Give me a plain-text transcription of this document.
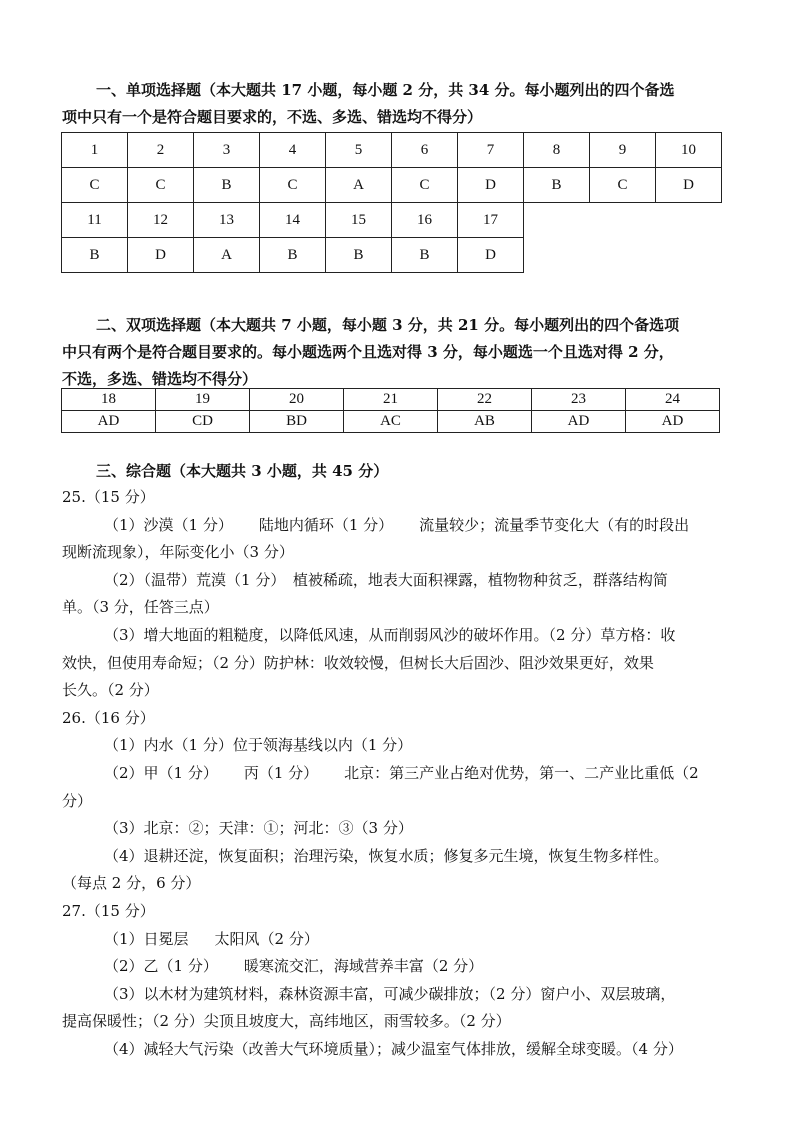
一、单项选择题（本大题共 17 小题，每小题 2 分，共 34 分。每小题列出的四个备选
项中只有一个是符合题目要求的，不选、多选、错选均不得分）
1	2	3	4	5	6	7	8	9	10
C	C	B	C	A	C	D	B	C	D
11	12	13	14	15	16	17			
B	D	A	B	B	B	D			
二、双项选择题（本大题共 7 小题，每小题 3 分，共 21 分。每小题列出的四个备选项
中只有两个是符合题目要求的。每小题选两个且选对得 3 分，每小题选一个且选对得 2 分，
不选，多选、错选均不得分）
18	19	20	21	22	23	24
AD	CD	BD	AC	AB	AD	AD
三、综合题（本大题共 3 小题，共 45 分）
25.（15 分）
（1）沙漠（1 分） 陆地内循环（1 分） 流量较少；流量季节变化大（有的时段出
现断流现象），年际变化小（3 分）
（2）（温带）荒漠（1 分）　植被稀疏，地表大面积裸露，植物物种贫乏，群落结构简
单。（3 分，任答三点）
（3）增大地面的粗糙度，以降低风速，从而削弱风沙的破坏作用。（2 分）草方格：收
效快，但使用寿命短；（2 分）防护林：收效较慢，但树长大后固沙、阻沙效果更好，效果
长久。（2 分）
26.（16 分）
（1）内水（1 分）位于领海基线以内（1 分）
（2）甲（1 分） 丙（1 分） 北京：第三产业占绝对优势，第一、二产业比重低（2
分）
（3）北京：②；天津：①；河北：③（3 分）
（4）退耕还淀，恢复面积；治理污染，恢复水质；修复多元生境，恢复生物多样性。
（每点 2 分，6 分）
27.（15 分）
（1）日冕层 太阳风（2 分）
（2）乙（1 分） 暖寒流交汇，海域营养丰富（2 分）
（3）以木材为建筑材料，森林资源丰富，可减少碳排放；（2 分）窗户小、双层玻璃，
提高保暖性；（2 分）尖顶且坡度大，高纬地区，雨雪较多。（2 分）
（4）减轻大气污染（改善大气环境质量）；减少温室气体排放，缓解全球变暖。（4 分）
